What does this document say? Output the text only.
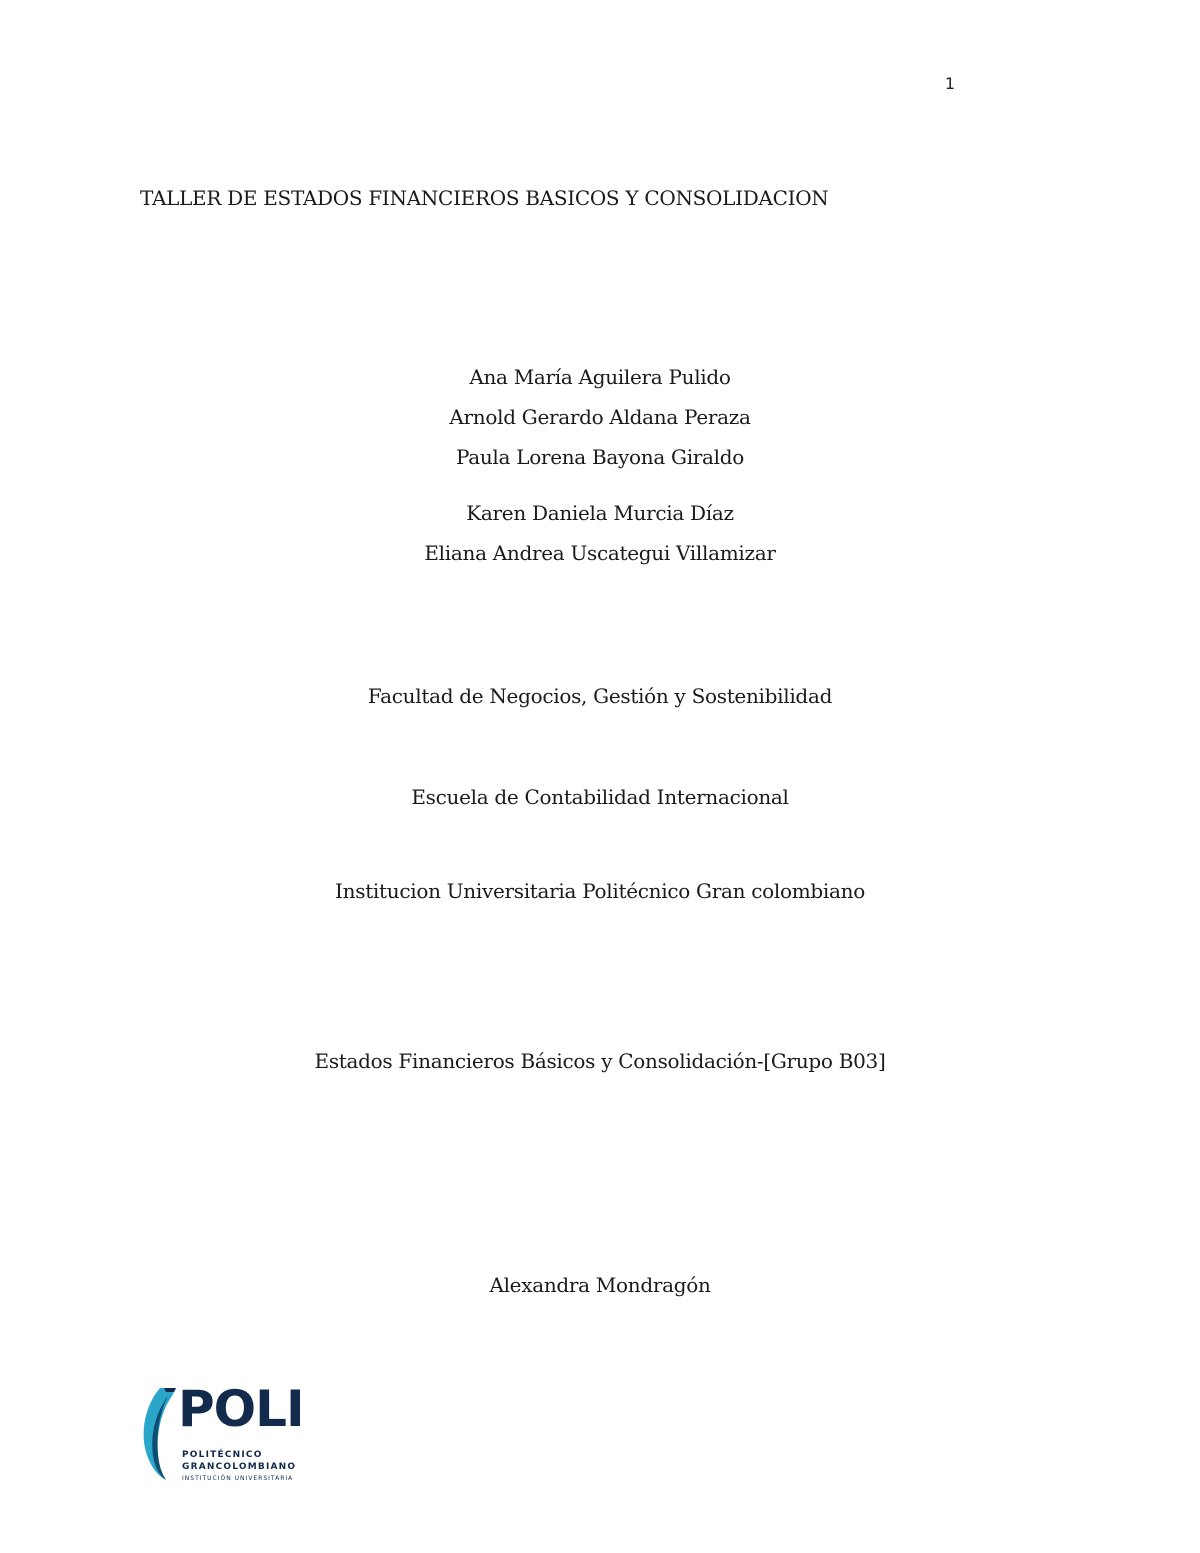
1
TALLER DE ESTADOS FINANCIEROS BASICOS Y CONSOLIDACION
Ana María Aguilera Pulido
Arnold Gerardo Aldana Peraza
Paula Lorena Bayona Giraldo
Karen Daniela Murcia Díaz
Eliana Andrea Uscategui Villamizar
Facultad de Negocios, Gestión y Sostenibilidad
Escuela de Contabilidad Internacional
Institucion Universitaria Politécnico Gran colombiano
Estados Financieros Básicos y Consolidación-[Grupo B03]
Alexandra Mondragón
POLI
POLITÉCNICO
GRANCOLOMBIANO
INSTITUCIÓN UNIVERSITARIA
